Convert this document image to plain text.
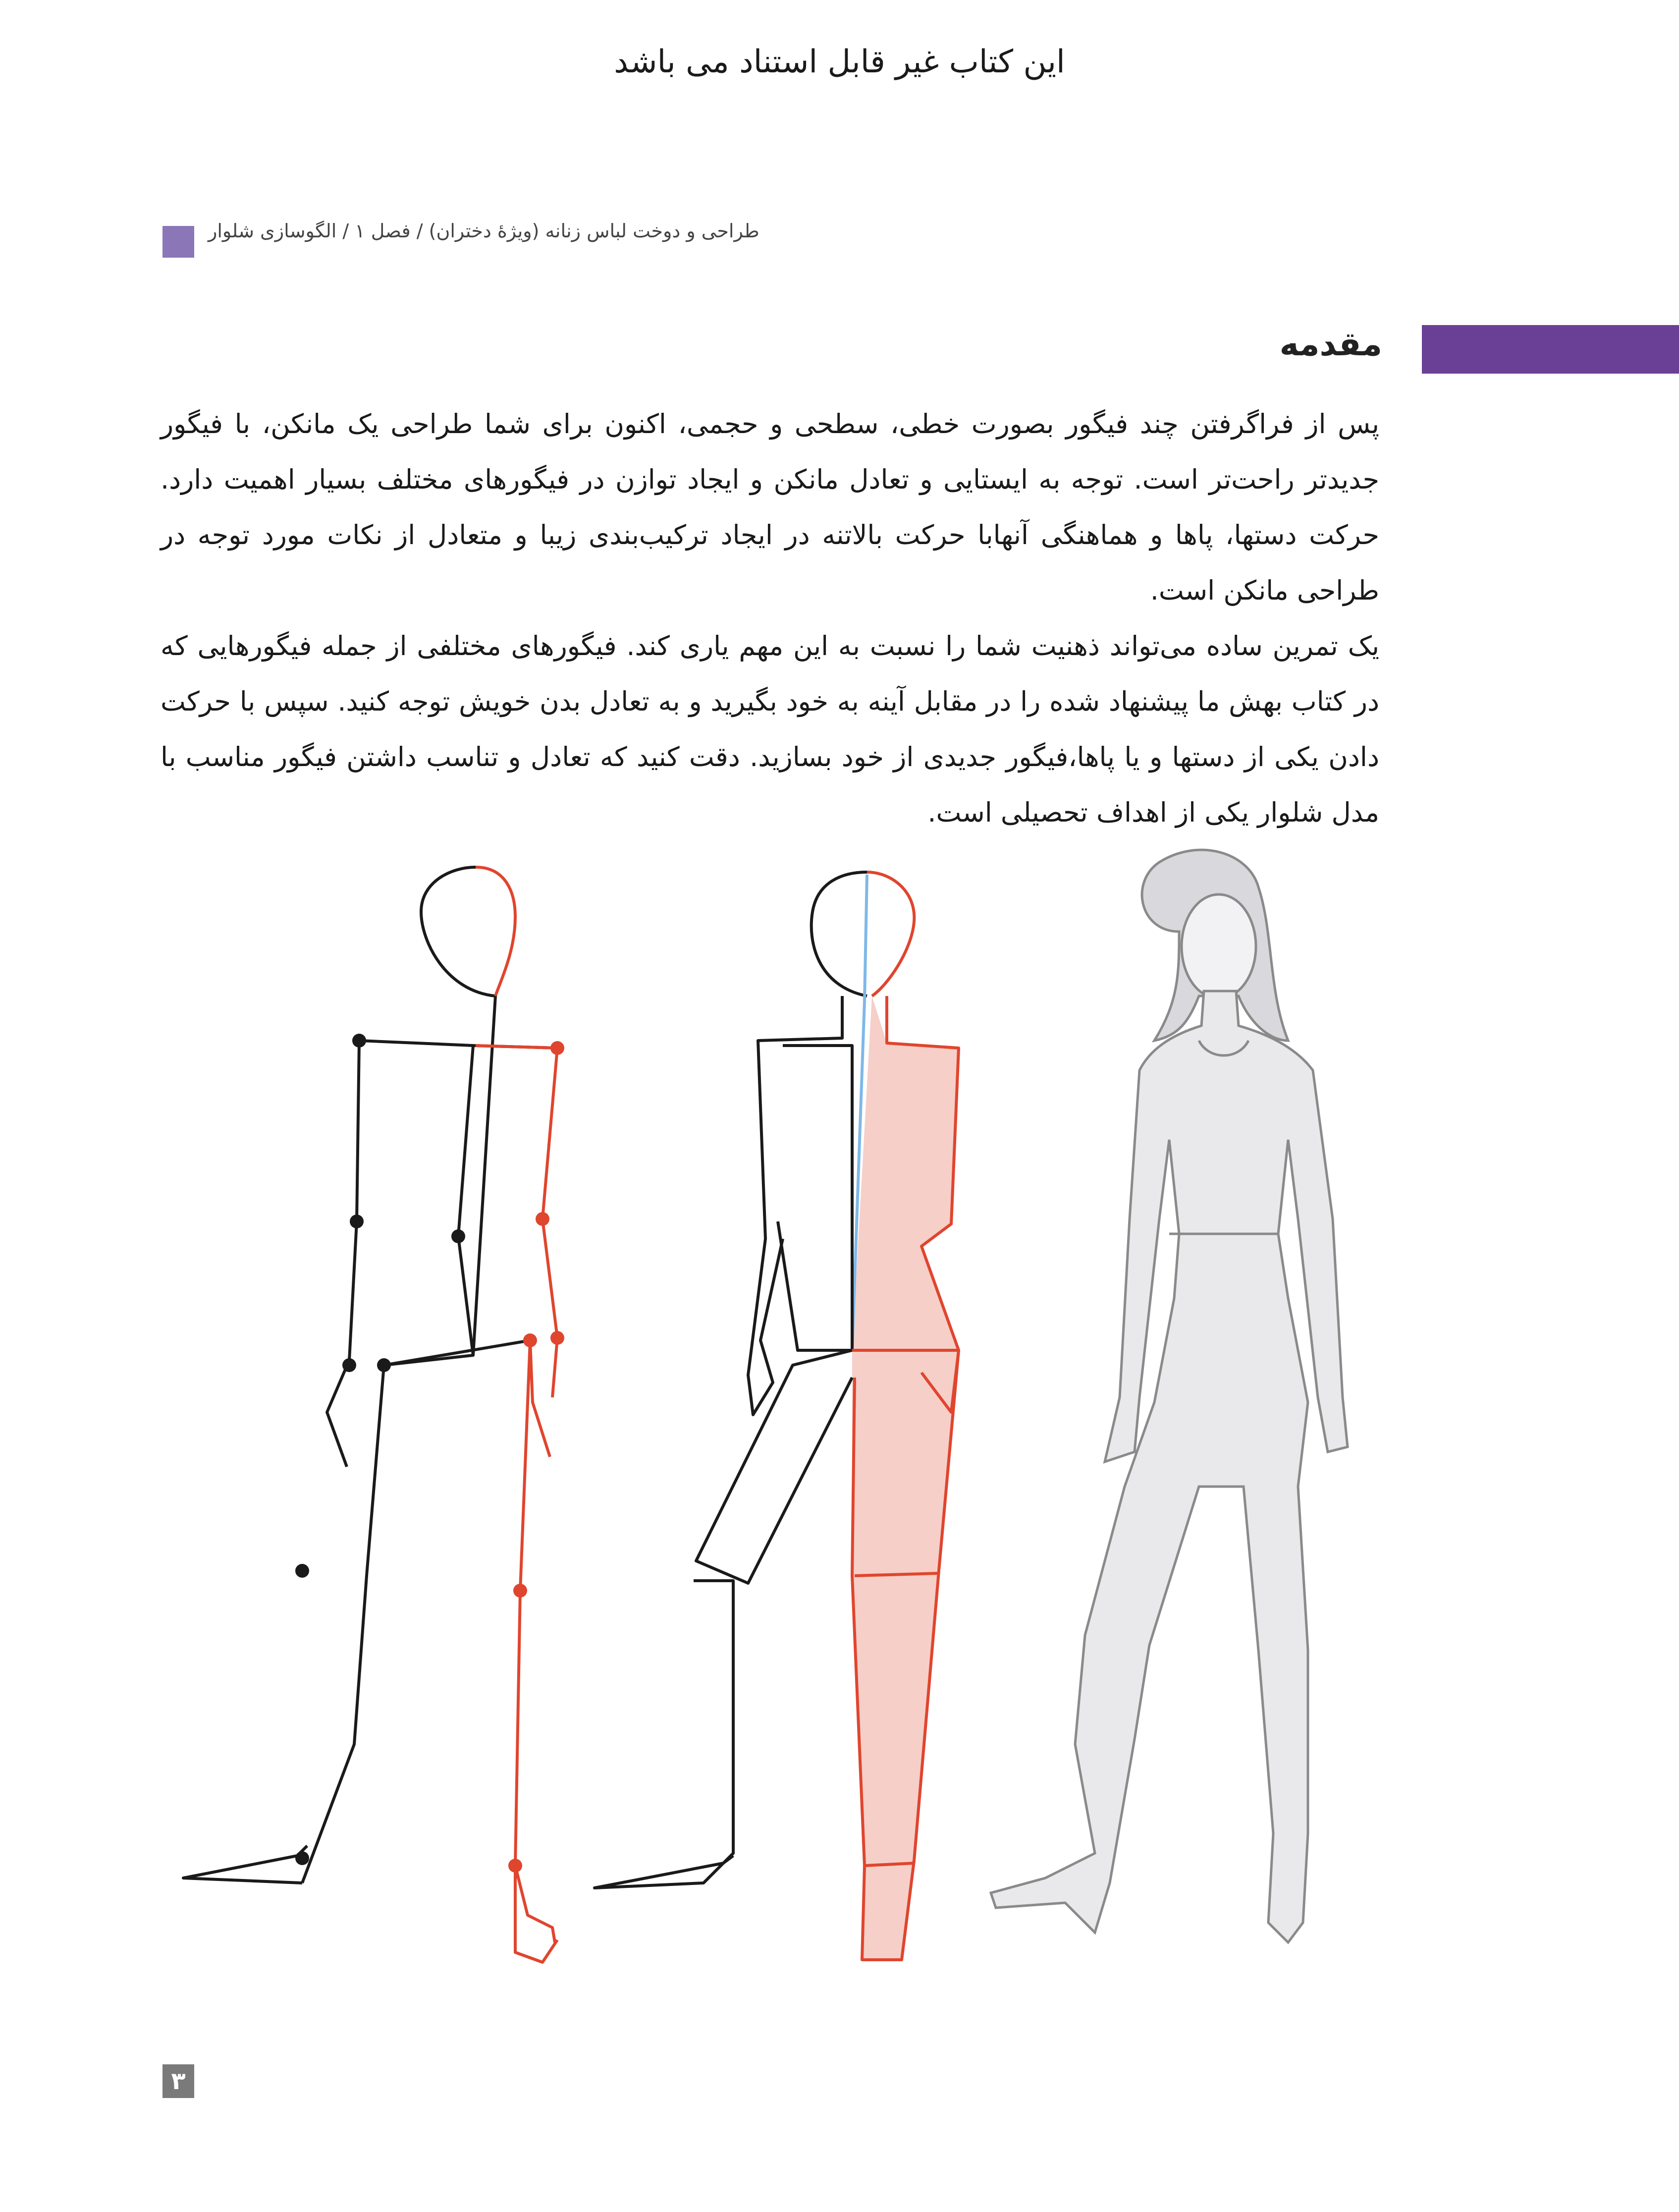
این کتاب غیر قابل استناد می باشد
طراحی و دوخت لباس زنانه (ویژهٔ دختران) / فصل ۱ / الگوسازی شلوار
مقدمه

پس از فراگرفتن چند فیگور بصورت خطی، سطحی و حجمی، اکنون برای شما طراحی یک مانکن، با فیگور جدیدتر راحت‌تر است. توجه به ایستایی و تعادل مانکن و ایجاد توازن در فیگورهای مختلف بسیار اهمیت دارد. حرکت دستها، پاها و هماهنگی آنهابا حرکت بالاتنه در ایجاد ترکیب‌بندی زیبا و متعادل از نکات مورد توجه در طراحی مانکن است.

یک تمرین ساده می‌تواند ذهنیت شما را نسبت به این مهم یاری کند. فیگورهای مختلفی از جمله فیگورهایی که در کتاب بهش ما پیشنهاد شده را در مقابل آینه به خود بگیرید و به تعادل بدن خویش توجه کنید. سپس با حرکت دادن یکی از دستها و یا پاها،فیگور جدیدی از خود بسازید. دقت کنید که تعادل و تناسب داشتن فیگور مناسب با مدل شلوار یکی از اهداف تحصیلی است.

۳
